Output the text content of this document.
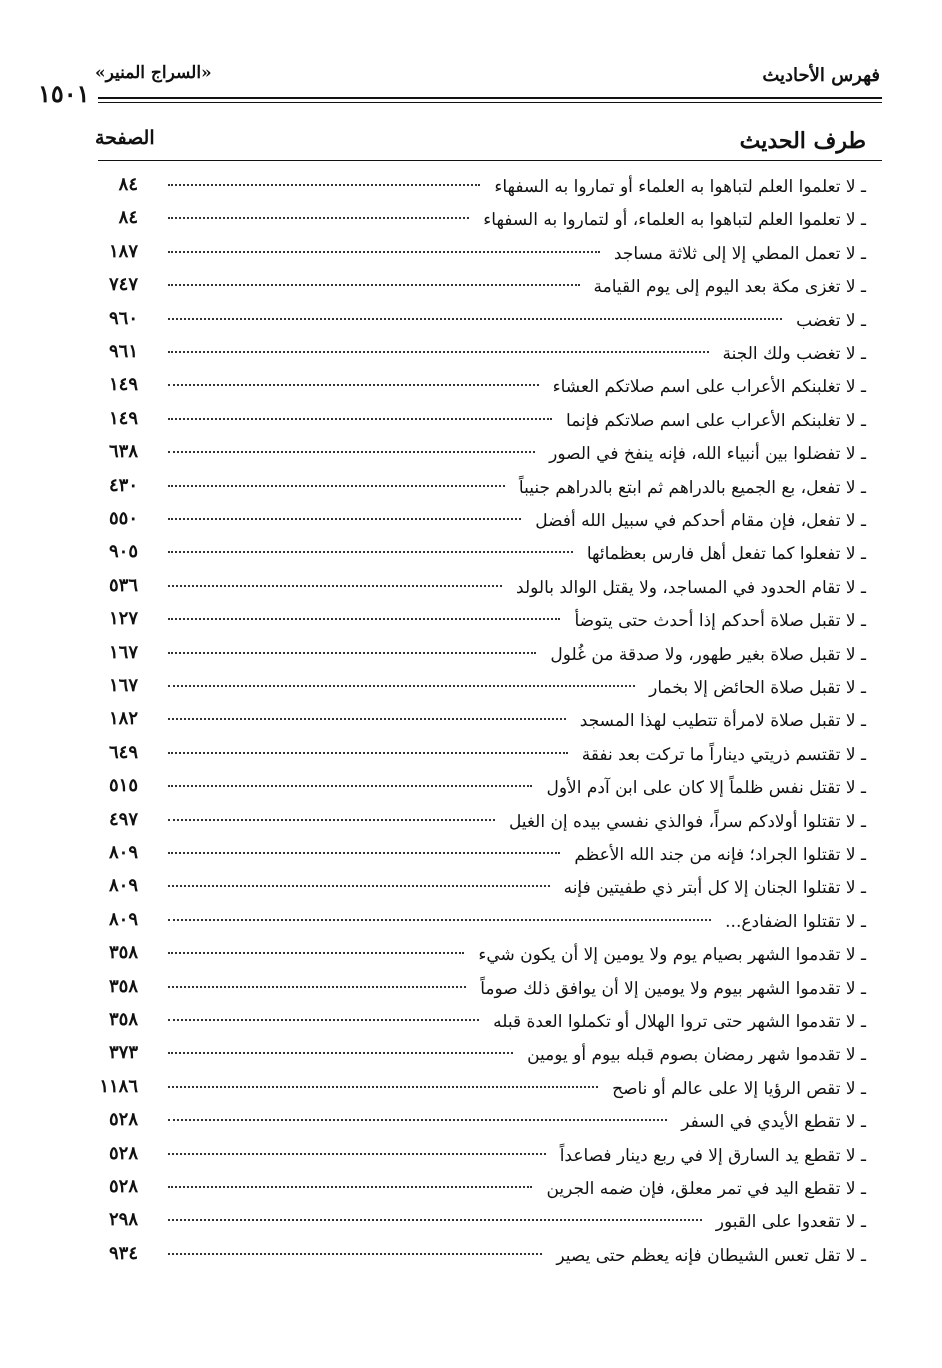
١٥٠١
«السراج المنير»	فهرس الأحاديث
طرف الحديث
الصفحة
٨٤	ـ لا تعلموا العلم لتباهوا به العلماء أو تماروا به السفهاء
٨٤	ـ لا تعلموا العلم لتباهوا به العلماء، أو لتماروا به السفهاء
١٨٧	ـ لا تعمل المطي إلا إلى ثلاثة مساجد
٧٤٧	ـ لا تغزى مكة بعد اليوم إلى يوم القيامة
٩٦٠	ـ لا تغضب
٩٦١	ـ لا تغضب ولك الجنة
١٤٩	ـ لا تغلبنكم الأعراب على اسم صلاتكم العشاء
١٤٩	ـ لا تغلبنكم الأعراب على اسم صلاتكم فإنما
٦٣٨	ـ لا تفضلوا بين أنبياء الله، فإنه ينفخ في الصور
٤٣٠	ـ لا تفعل، بع الجميع بالدراهم ثم ابتع بالدراهم جنيباً
٥٥٠	ـ لا تفعل، فإن مقام أحدكم في سبيل الله أفضل
٩٠٥	ـ لا تفعلوا كما تفعل أهل فارس بعظمائها
٥٣٦	ـ لا تقام الحدود في المساجد، ولا يقتل الوالد بالولد
١٢٧	ـ لا تقبل صلاة أحدكم إذا أحدث حتى يتوضأ
١٦٧	ـ لا تقبل صلاة بغير طهور، ولا صدقة من غُلول
١٦٧	ـ لا تقبل صلاة الحائض إلا بخمار
١٨٢	ـ لا تقبل صلاة لامرأة تتطيب لهذا المسجد
٦٤٩	ـ لا تقتسم ذريتي ديناراً ما تركت بعد نفقة
٥١٥	ـ لا تقتل نفس ظلماً إلا كان على ابن آدم الأول
٤٩٧	ـ لا تقتلوا أولادكم سراً، فوالذي نفسي بيده إن الغيل
٨٠٩	ـ لا تقتلوا الجراد؛ فإنه من جند الله الأعظم
٨٠٩	ـ لا تقتلوا الجنان إلا كل أبتر ذي طفيتين فإنه
٨٠٩	ـ لا تقتلوا الضفادع...
٣٥٨	ـ لا تقدموا الشهر بصيام يوم ولا يومين إلا أن يكون شيء
٣٥٨	ـ لا تقدموا الشهر بيوم ولا يومين إلا أن يوافق ذلك صوماً
٣٥٨	ـ لا تقدموا الشهر حتى تروا الهلال أو تكملوا العدة قبله
٣٧٣	ـ لا تقدموا شهر رمضان بصوم قبله بيوم أو يومين
١١٨٦	ـ لا تقص الرؤيا إلا على عالم أو ناصح
٥٢٨	ـ لا تقطع الأيدي في السفر
٥٢٨	ـ لا تقطع يد السارق إلا في ربع دينار فصاعداً
٥٢٨	ـ لا تقطع اليد في تمر معلق، فإن ضمه الجرين
٢٩٨	ـ لا تقعدوا على القبور
٩٣٤	ـ لا تقل تعس الشيطان فإنه يعظم حتى يصير
